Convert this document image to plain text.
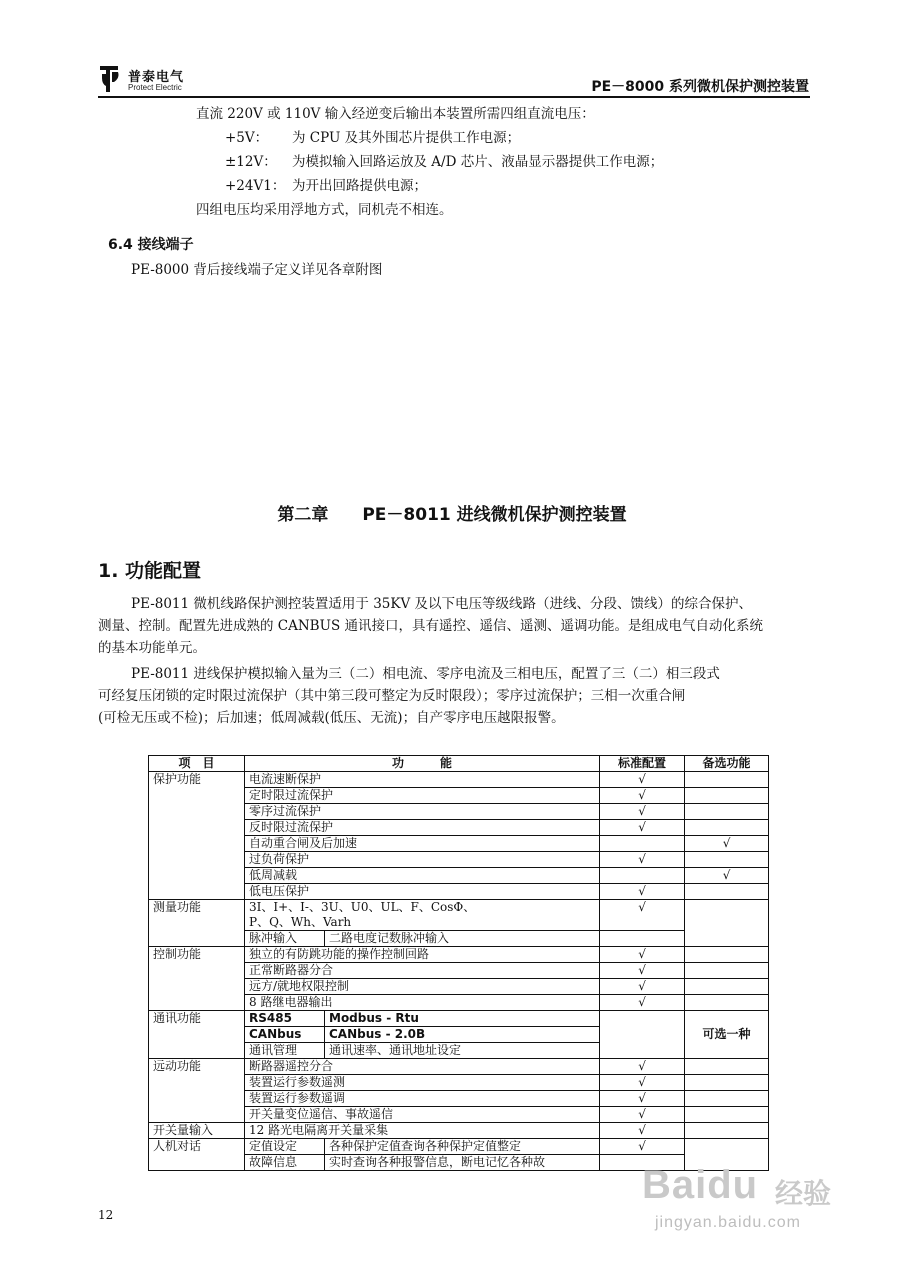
普泰电气
Protect Electric	PE－8000 系列微机保护测控装置
直流 220V 或 110V 输入经逆变后输出本装置所需四组直流电压：
+5V： 为 CPU 及其外围芯片提供工作电源；
±12V： 为模拟输入回路运放及 A/D 芯片、液晶显示器提供工作电源；
+24V1： 为开出回路提供电源；
四组电压均采用浮地方式，同机壳不相连。
6.4 接线端子
PE-8000 背后接线端子定义详见各章附图
第二章　　PE－8011 进线微机保护测控装置
1. 功能配置
PE-8011 微机线路保护测控装置适用于 35KV 及以下电压等级线路（进线、分段、馈线）的综合保护、
测量、控制。配置先进成熟的 CANBUS 通讯接口，具有遥控、遥信、遥测、遥调功能。是组成电气自动化系统
的基本功能单元。
PE-8011 进线保护模拟输入量为三（二）相电流、零序电流及三相电压，配置了三（二）相三段式
可经复压闭锁的定时限过流保护（其中第三段可整定为反时限段）；零序过流保护；三相一次重合闸
(可检无压或不检)；后加速；低周减载(低压、无流)；自产零序电压越限报警。
项　目	功　　　能		标准配置	备选功能
保护功能	电流速断保护		√	
	定时限过流保护		√	
	零序过流保护		√	
	反时限过流保护		√	
	自动重合闸及后加速			√
	过负荷保护		√	
	低周减载			√
	低电压保护		√	
测量功能	3I、I+、I-、3U、U0、UL、F、CosΦ、
P、Q、Wh、Varh		√	
	脉冲输入	二路电度记数脉冲输入		
控制功能	独立的有防跳功能的操作控制回路		√	
	正常断路器分合		√	
	远方/就地权限控制		√	
	8 路继电器输出		√	
通讯功能	RS485	Modbus - Rtu		可选一种
	CANbus	CANbus - 2.0B		
	通讯管理	通讯速率、通讯地址设定		
远动功能	断路器遥控分合		√	
	装置运行参数遥测		√	
	装置运行参数遥调		√	
	开关量变位遥信、事故遥信		√	
开关量输入	12 路光电隔离开关量采集		√	
人机对话	定值设定	各种保护定值查询各种保护定值整定	√	
	故障信息	实时查询各种报警信息，断电记忆各种故		
12
Baidu 经验
jingyan.baidu.com
